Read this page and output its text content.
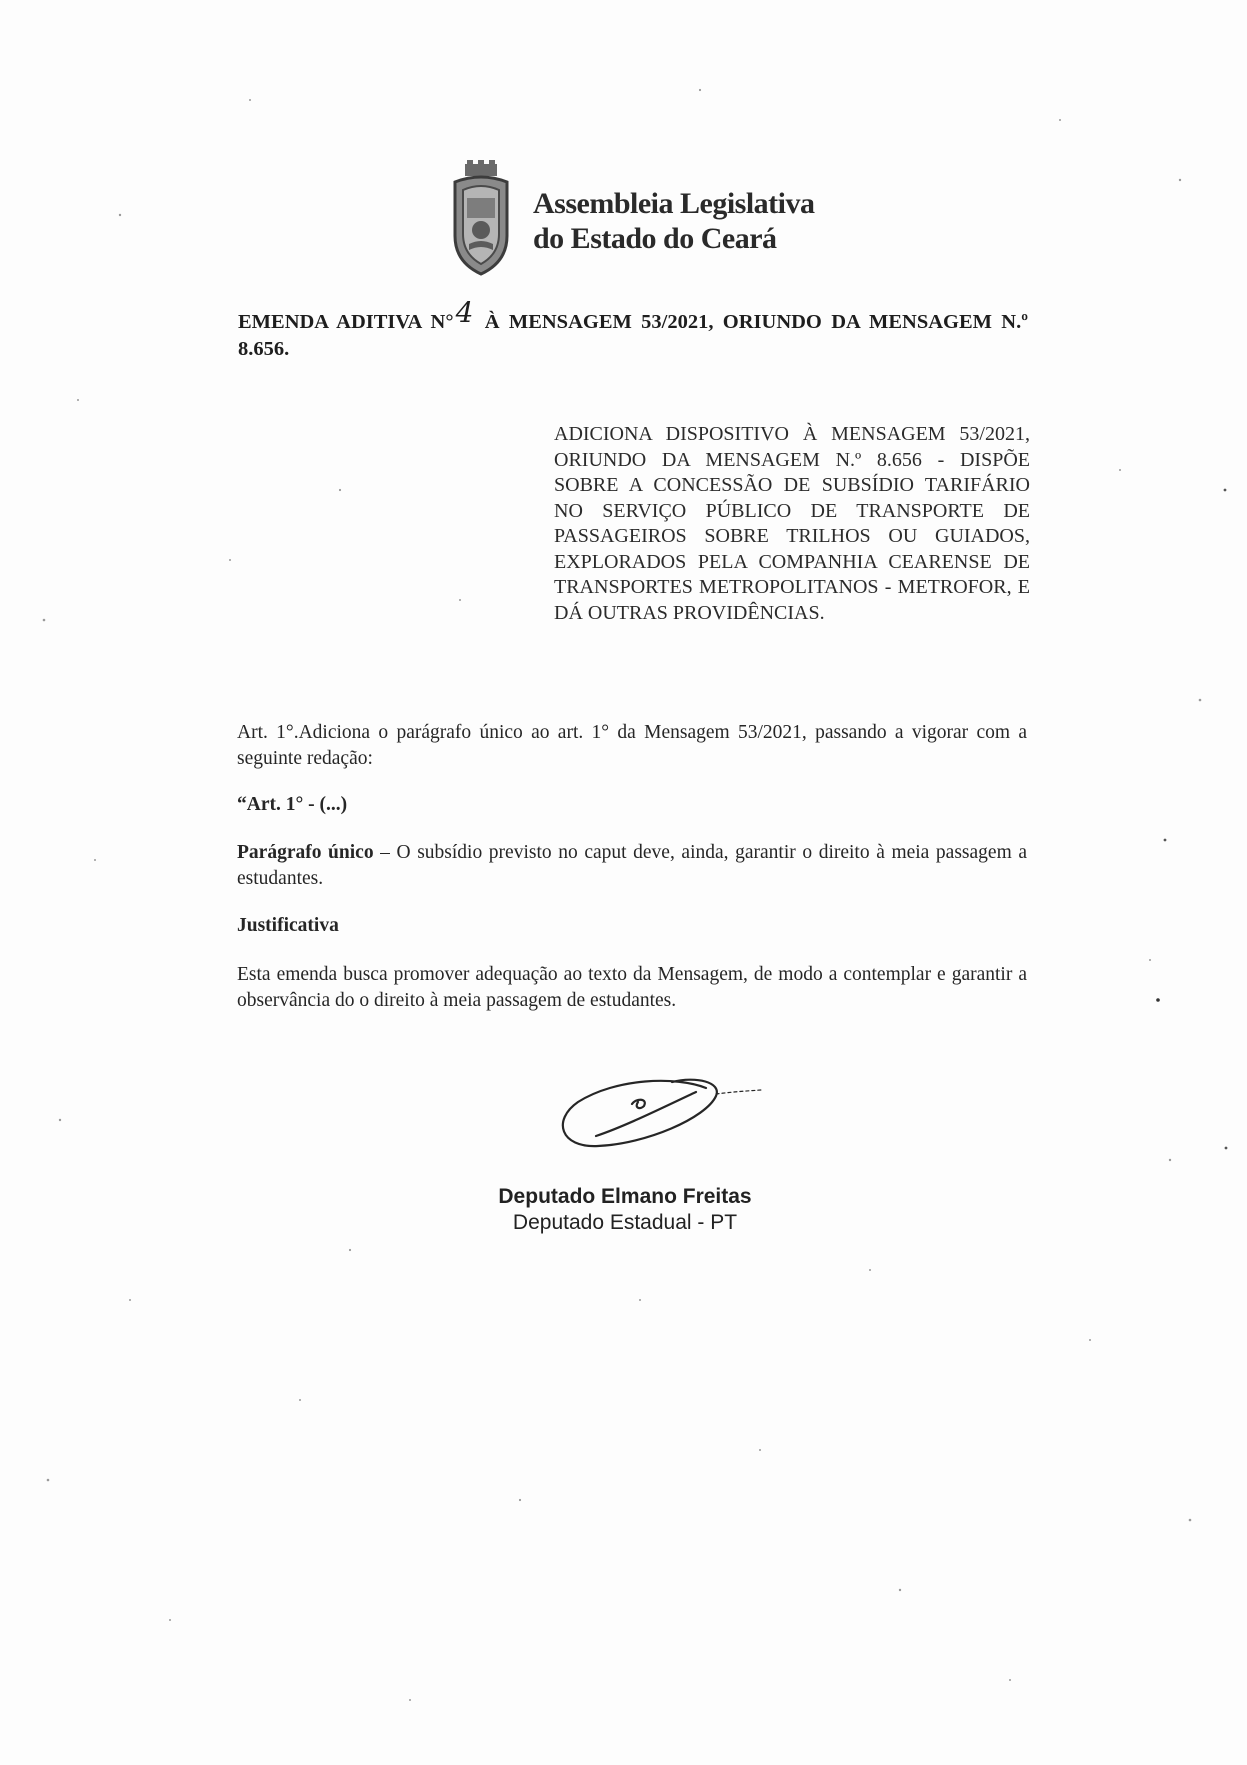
Assembleia Legislativa
do Estado do Ceará
EMENDA ADITIVA N°4 À MENSAGEM 53/2021, ORIUNDO DA MENSAGEM N.º 8.656.
ADICIONA DISPOSITIVO À MENSAGEM 53/2021, ORIUNDO DA MENSAGEM N.º 8.656 - DISPÕE SOBRE A CONCESSÃO DE SUBSÍDIO TARIFÁRIO NO SERVIÇO PÚBLICO DE TRANSPORTE DE PASSAGEIROS SOBRE TRILHOS OU GUIADOS, EXPLORADOS PELA COMPANHIA CEARENSE DE TRANSPORTES METROPOLITANOS - METROFOR, E DÁ OUTRAS PROVIDÊNCIAS.
Art. 1°.Adiciona o parágrafo único ao art. 1° da Mensagem 53/2021, passando a vigorar com a seguinte redação:
“Art. 1° - (...)
Parágrafo único – O subsídio previsto no caput deve, ainda, garantir o direito à meia passagem a estudantes.
Justificativa
Esta emenda busca promover adequação ao texto da Mensagem, de modo a contemplar e garantir a observância do o direito à meia passagem de estudantes.
Deputado Elmano Freitas
Deputado Estadual - PT
